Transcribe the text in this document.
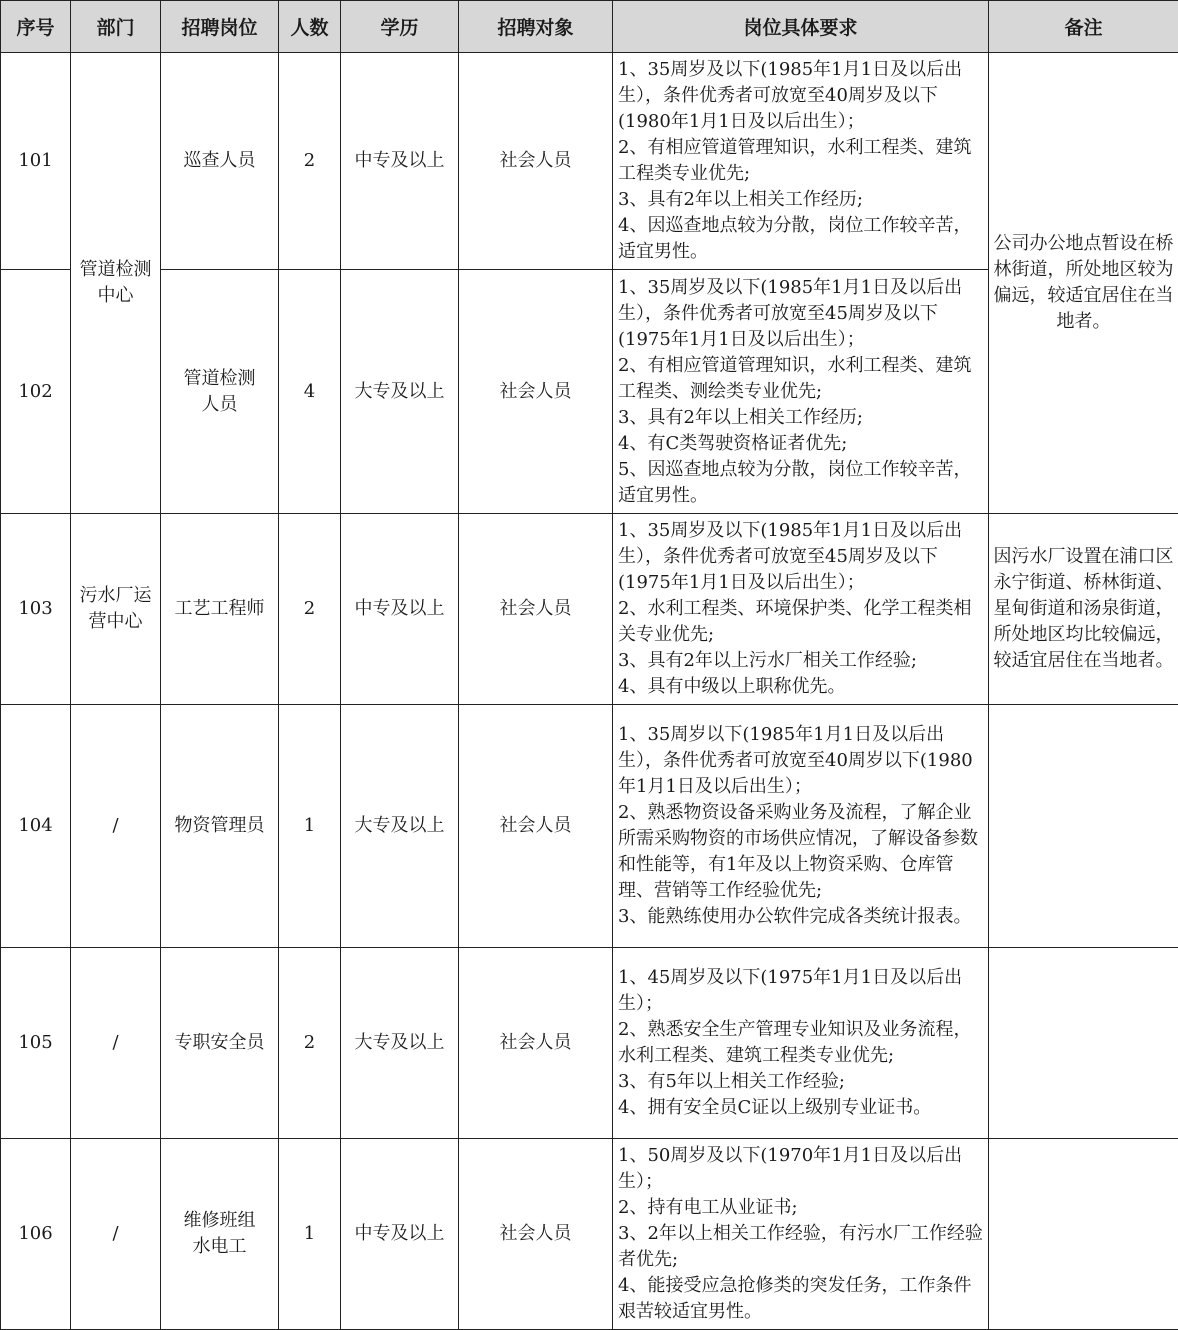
序号	部门	招聘岗位	人数	学历	招聘对象	岗位具体要求	备注
101	管道检测中心	巡查人员	2	中专及以上	社会人员	1、35周岁及以下(1985年1月1日及以后出生），条件优秀者可放宽至40周岁及以下(1980年1月1日及以后出生）；
2、有相应管道管理知识，水利工程类、建筑工程类专业优先;
3、具有2年以上相关工作经历;
4、因巡查地点较为分散，岗位工作较辛苦，适宜男性。	公司办公地点暂设在桥林街道，所处地区较为偏远，较适宜居住在当地者。
102		管道检测人员	4	大专及以上	社会人员	1、35周岁及以下(1985年1月1日及以后出生），条件优秀者可放宽至45周岁及以下(1975年1月1日及以后出生）；
2、有相应管道管理知识，水利工程类、建筑工程类、测绘类专业优先;
3、具有2年以上相关工作经历;
4、有C类驾驶资格证者优先;
5、因巡查地点较为分散，岗位工作较辛苦，适宜男性。	

103	污水厂运营中心	工艺工程师	2	中专及以上	社会人员	1、35周岁及以下(1985年1月1日及以后出生），条件优秀者可放宽至45周岁及以下(1975年1月1日及以后出生）；
2、水利工程类、环境保护类、化学工程类相关专业优先;
3、具有2年以上污水厂相关工作经验;
4、具有中级以上职称优先。	因污水厂设置在浦口区永宁街道、桥林街道、星甸街道和汤泉街道，所处地区均比较偏远，较适宜居住在当地者。
104	/	物资管理员	1	大专及以上	社会人员	1、35周岁以下(1985年1月1日及以后出生），条件优秀者可放宽至40周岁以下(1980年1月1日及以后出生）；
2、熟悉物资设备采购业务及流程，了解企业所需采购物资的市场供应情况，了解设备参数和性能等，有1年及以上物资采购、仓库管理、营销等工作经验优先;
3、能熟练使用办公软件完成各类统计报表。	

105	/	专职安全员	2	大专及以上	社会人员	1、45周岁及以下(1975年1月1日及以后出生）；
2、熟悉安全生产管理专业知识及业务流程，水利工程类、建筑工程类专业优先;
3、有5年以上相关工作经验;
4、拥有安全员C证以上级别专业证书。	

106	/	维修班组水电工	1	中专及以上	社会人员	1、50周岁及以下(1970年1月1日及以后出生）；
2、持有电工从业证书;
3、2年以上相关工作经验，有污水厂工作经验者优先;
4、能接受应急抢修类的突发任务，工作条件艰苦较适宜男性。	
